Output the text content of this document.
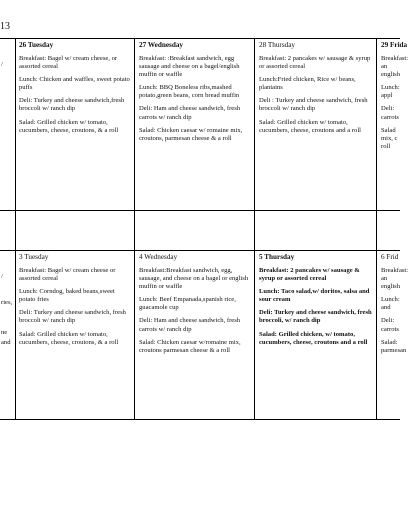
13

/

26 Tuesday

Breakfast: Bagel w/ cream cheese, or assorted cereal

Lunch: Chicken and waffles, sweet potato puffs

Deli: Turkey and cheese sandwich,fresh broccoli w/ ranch dip

Salad: Grilled chicken w/ tomato, cucumbers, cheese, croutons, & a roll

27 Wednesday

Breakfast: :Breakfast sandwich, egg sausage and cheese on a bagel/english muffin or waffle

Lunch: BBQ Boneless ribs,mashed potato,green beans, corn bread muffin

Deli: Ham and cheese sandwich, fresh carrots w/ ranch dip

Salad: Chicken caesar w/ romaine mix, croutons, parmesan cheese & a roll

28 Thursday

Breakfast: 2 pancakes w/ sausage & syrup or assorted cereal

Lunch:Fried chicken, Rice w/ beans, plantains

Deli : Turkey and cheese sandwich, fresh broccoli w/ ranch dip

Salad: Grilled chicken w/ tomato, cucumbers, cheese, croutons and a roll

29 Frida

Breakfast: an english

Lunch: appl

Deli: carrots

Salad mix, c roll

/

ries,

ne

and

3 Tuesday

Breakfast: Bagel w/ cream cheese or assorted cereal

Lunch: Corndog, baked beans,sweet potato fries

Deli: Turkey and cheese sandwich, fresh broccoli w/ ranch dip

Salad: Grilled chicken w/ tomato, cucumbers, cheese, croutons, & a roll

4 Wednesday

Breakfast:Breakfast sandwich, egg, sausage, and cheese on a bagel or english muffin or waffle

Lunch: Beef Empanada,spanish rice, guacamole cup

Deli: Ham and cheese sandwich, fresh carrots w/ ranch dip

Salad: Chicken caesar w/romaine mix, croutons parmesan cheese & a roll

5 Thursday

Breakfast: 2 pancakes w/ sausage & syrup or assorted cereal

Lunch: Taco salad,w/ doritos, salsa and sour cream

Deli: Turkey and cheese sandwich, fresh broccoli, w/ ranch dip

Salad: Grilled chicken, w/ tomato, cucumbers, cheese, croutons and a roll

6 Frid

Breakfast: an english

Lunch: and

Deli: carrots

Salad: parmesan
